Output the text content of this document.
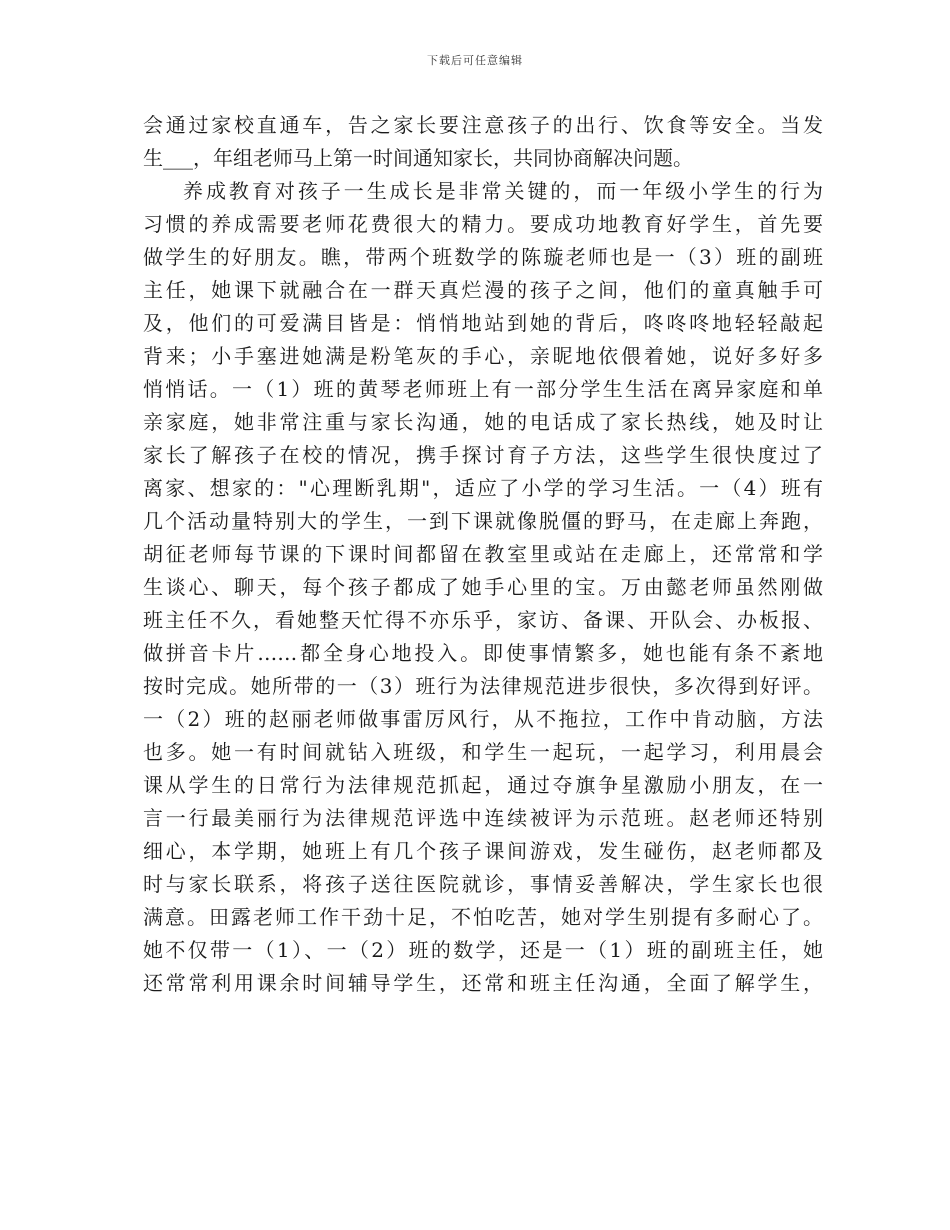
下载后可任意编辑
会通过家校直通车，告之家长要注意孩子的出行、饮食等安全。当发
生___，年组老师马上第一时间通知家长，共同协商解决问题。
养成教育对孩子一生成长是非常关键的，而一年级小学生的行为
习惯的养成需要老师花费很大的精力。要成功地教育好学生，首先要
做学生的好朋友。瞧，带两个班数学的陈璇老师也是一（3）班的副班
主任，她课下就融合在一群天真烂漫的孩子之间，他们的童真触手可
及，他们的可爱满目皆是：悄悄地站到她的背后，咚咚咚地轻轻敲起
背来；小手塞进她满是粉笔灰的手心，亲昵地依偎着她，说好多好多
悄悄话。一（1）班的黄琴老师班上有一部分学生生活在离异家庭和单
亲家庭，她非常注重与家长沟通，她的电话成了家长热线，她及时让
家长了解孩子在校的情况，携手探讨育子方法，这些学生很快度过了
离家、想家的："心理断乳期"，适应了小学的学习生活。一（4）班有
几个活动量特别大的学生，一到下课就像脱僵的野马，在走廊上奔跑，
胡征老师每节课的下课时间都留在教室里或站在走廊上，还常常和学
生谈心、聊天，每个孩子都成了她手心里的宝。万由懿老师虽然刚做
班主任不久，看她整天忙得不亦乐乎，家访、备课、开队会、办板报、
做拼音卡片……都全身心地投入。即使事情繁多，她也能有条不紊地
按时完成。她所带的一（3）班行为法律规范进步很快，多次得到好评。
一（2）班的赵丽老师做事雷厉风行，从不拖拉，工作中肯动脑，方法
也多。她一有时间就钻入班级，和学生一起玩，一起学习，利用晨会
课从学生的日常行为法律规范抓起，通过夺旗争星激励小朋友，在一
言一行最美丽行为法律规范评选中连续被评为示范班。赵老师还特别
细心，本学期，她班上有几个孩子课间游戏，发生碰伤，赵老师都及
时与家长联系，将孩子送往医院就诊，事情妥善解决，学生家长也很
满意。田露老师工作干劲十足，不怕吃苦，她对学生别提有多耐心了。
她不仅带一（1）、一（2）班的数学，还是一（1）班的副班主任，她
还常常利用课余时间辅导学生，还常和班主任沟通，全面了解学生，
